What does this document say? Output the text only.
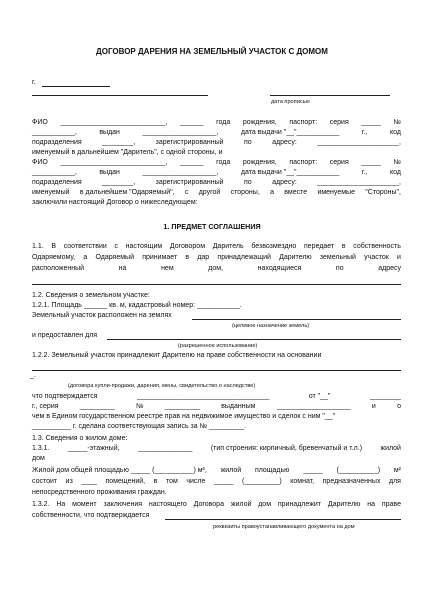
ДОГОВОР ДАРЕНИЯ НА ЗЕМЕЛЬНЫЙ УЧАСТОК С ДОМОМ
г.
дата прописью
ФИО ___________________________, ______ года рождения, паспорт: серия _____ №
___________,	выдан	___________________,	дата выдачи "__"___________	г.,	код
подразделения	________,	зарегистрированный	по	адресу:	_____________________,
именуемый в дальнейшем "Даритель", с одной стороны, и
ФИО ___________________________, ______ года рождения, паспорт: серия _____ №
___________,	выдан	___________________,	дата выдачи "__"___________	г.,	код
подразделения	________,	зарегистрированный	по	адресу:	_____________________,
именуемый в дальнейшем "Одаряемый", с другой стороны, а вместе именуемые "Стороны",
заключили настоящий Договор о нижеследующем:
1. ПРЕДМЕТ СОГЛАШЕНИЯ
1.1. В соответствии с настоящим Договором Даритель безвозмездно передает в собственность
Одаряемому, а Одаряемый принимает в дар принадлежащий Дарителю земельный участок и
расположенный	на	нем	дом,	находящиеся	по	адресу
1.2. Сведения о земельном участке:
1.2.1. Площадь ______ кв. м, кадастровый номер: ___________.
Земельный участок расположен на землях
(целевое назначение земель)
и предоставлен для
(разрешенное использование)
1.2.2. Земельный участок принадлежит Дарителю на праве собственности на основании
_.
(договора купли-продажи, дарения, мены, свидетельство о наследстве)
что подтверждается	__________________________________	от "__"	________
г., серия	_________	№	_________	выданным	___________________	и	о
чем в Едином государственном реестре прав на недвижимое имущество и сделок с ним "__"
__________ г. сделана соответствующая запись за № _________.
1.3. Сведения о жилом доме:
1.3.1.	_____-этажный,	______________	(тип строения: кирпичный, бревенчатый и т.л.)	жилой
дом
Жилой дом общей площадью _____ (__________) м², жилой площадью _____ (__________) м²
состоит из ____ помещений, в том числе _____ (_________) комнат, предназначенных для
непосредственного проживания граждан.
1.3.2. На момент заключения настоящего Договора жилой дом принадлежит Дарителю на праве
собственности, что подтверждается
реквизиты правоустанавливающего документа на дом
